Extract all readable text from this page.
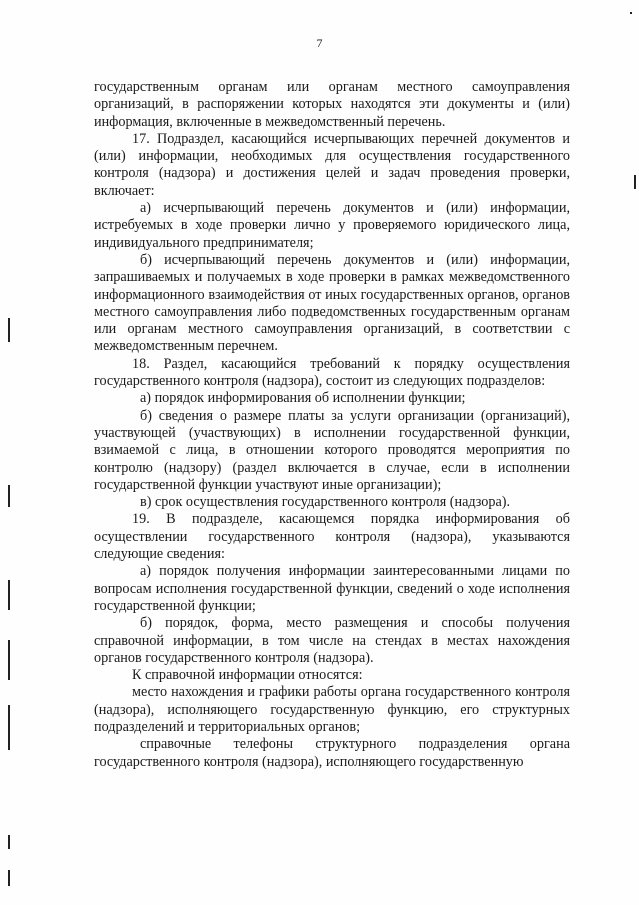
7

государственным органам или органам местного самоуправления организаций, в распоряжении которых находятся эти документы и (или) информация, включенные в межведомственный перечень.

17. Подраздел, касающийся исчерпывающих перечней документов и (или) информации, необходимых для осуществления государственного контроля (надзора) и достижения целей и задач проведения проверки, включает:

а) исчерпывающий перечень документов и (или) информации, истребуемых в ходе проверки лично у проверяемого юридического лица, индивидуального предпринимателя;

б) исчерпывающий перечень документов и (или) информации, запрашиваемых и получаемых в ходе проверки в рамках межведомственного информационного взаимодействия от иных государственных органов, органов местного самоуправления либо подведомственных государственным органам или органам местного самоуправления организаций, в соответствии с межведомственным перечнем.

18. Раздел, касающийся требований к порядку осуществления государственного контроля (надзора), состоит из следующих подразделов:

а) порядок информирования об исполнении функции;

б) сведения о размере платы за услуги организации (организаций), участвующей (участвующих) в исполнении государственной функции, взимаемой с лица, в отношении которого проводятся мероприятия по контролю (надзору) (раздел включается в случае, если в исполнении государственной функции участвуют иные организации);

в) срок осуществления государственного контроля (надзора).

19. В подразделе, касающемся порядка информирования об осуществлении государственного контроля (надзора), указываются следующие сведения:

а) порядок получения информации заинтересованными лицами по вопросам исполнения государственной функции, сведений о ходе исполнения государственной функции;

б) порядок, форма, место размещения и способы получения справочной информации, в том числе на стендах в местах нахождения органов государственного контроля (надзора).

К справочной информации относятся:

место нахождения и графики работы органа государственного контроля (надзора), исполняющего государственную функцию, его структурных подразделений и территориальных органов;

справочные телефоны структурного подразделения органа государственного контроля (надзора), исполняющего государственную
